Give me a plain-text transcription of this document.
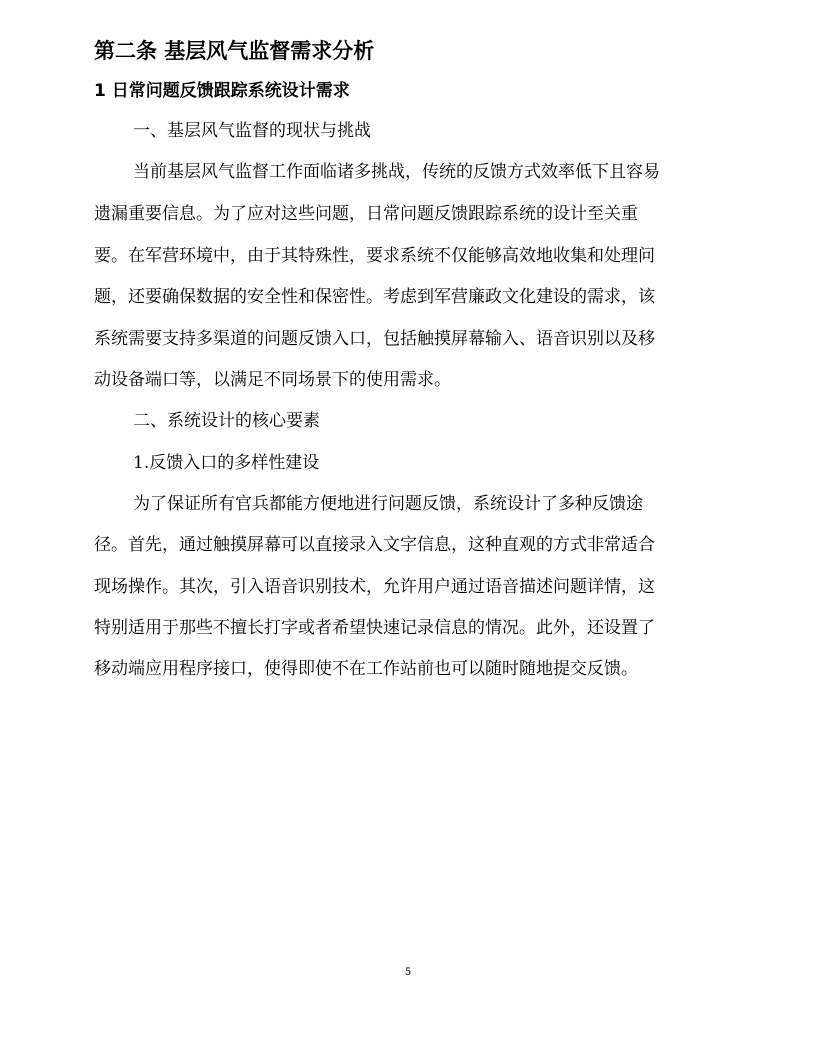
第二条 基层风气监督需求分析
1 日常问题反馈跟踪系统设计需求
一、基层风气监督的现状与挑战
当前基层风气监督工作面临诸多挑战，传统的反馈方式效率低下且容易
遗漏重要信息。为了应对这些问题，日常问题反馈跟踪系统的设计至关重
要。在军营环境中，由于其特殊性，要求系统不仅能够高效地收集和处理问
题，还要确保数据的安全性和保密性。考虑到军营廉政文化建设的需求，该
系统需要支持多渠道的问题反馈入口，包括触摸屏幕输入、语音识别以及移
动设备端口等，以满足不同场景下的使用需求。
二、系统设计的核心要素
1.反馈入口的多样性建设
为了保证所有官兵都能方便地进行问题反馈，系统设计了多种反馈途
径。首先，通过触摸屏幕可以直接录入文字信息，这种直观的方式非常适合
现场操作。其次，引入语音识别技术，允许用户通过语音描述问题详情，这
特别适用于那些不擅长打字或者希望快速记录信息的情况。此外，还设置了
移动端应用程序接口，使得即使不在工作站前也可以随时随地提交反馈。
5
